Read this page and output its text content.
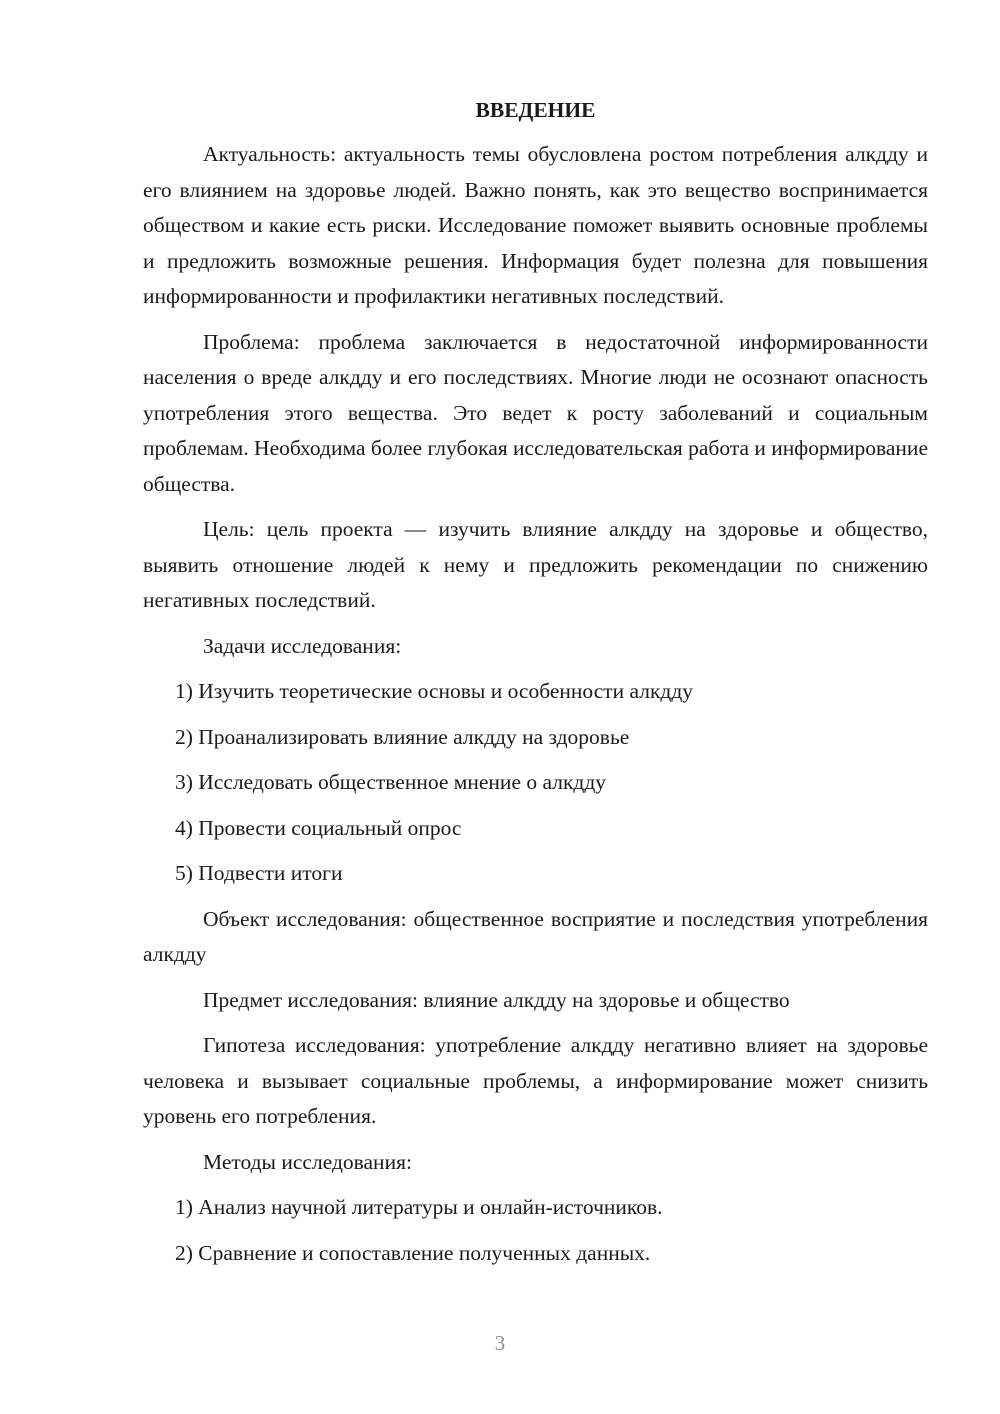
ВВЕДЕНИЕ

Актуальность: актуальность темы обусловлена ростом потребления алкдду и его влиянием на здоровье людей. Важно понять, как это вещество воспринимается обществом и какие есть риски. Исследование поможет выявить основные проблемы и предложить возможные решения. Информация будет полезна для повышения информированности и профилактики негативных последствий.

Проблема: проблема заключается в недостаточной информированности населения о вреде алкдду и его последствиях. Многие люди не осознают опасность употребления этого вещества. Это ведет к росту заболеваний и социальным проблемам. Необходима более глубокая исследовательская работа и информирование общества.

Цель: цель проекта — изучить влияние алкдду на здоровье и общество, выявить отношение людей к нему и предложить рекомендации по снижению негативных последствий.

Задачи исследования:

1) Изучить теоретические основы и особенности алкдду
2) Проанализировать влияние алкдду на здоровье
3) Исследовать общественное мнение о алкдду
4) Провести социальный опрос
5) Подвести итоги

Объект исследования: общественное восприятие и последствия употребления алкдду

Предмет исследования: влияние алкдду на здоровье и общество

Гипотеза исследования: употребление алкдду негативно влияет на здоровье человека и вызывает социальные проблемы, а информирование может снизить уровень его потребления.

Методы исследования:

1) Анализ научной литературы и онлайн-источников.
2) Сравнение и сопоставление полученных данных.
3
